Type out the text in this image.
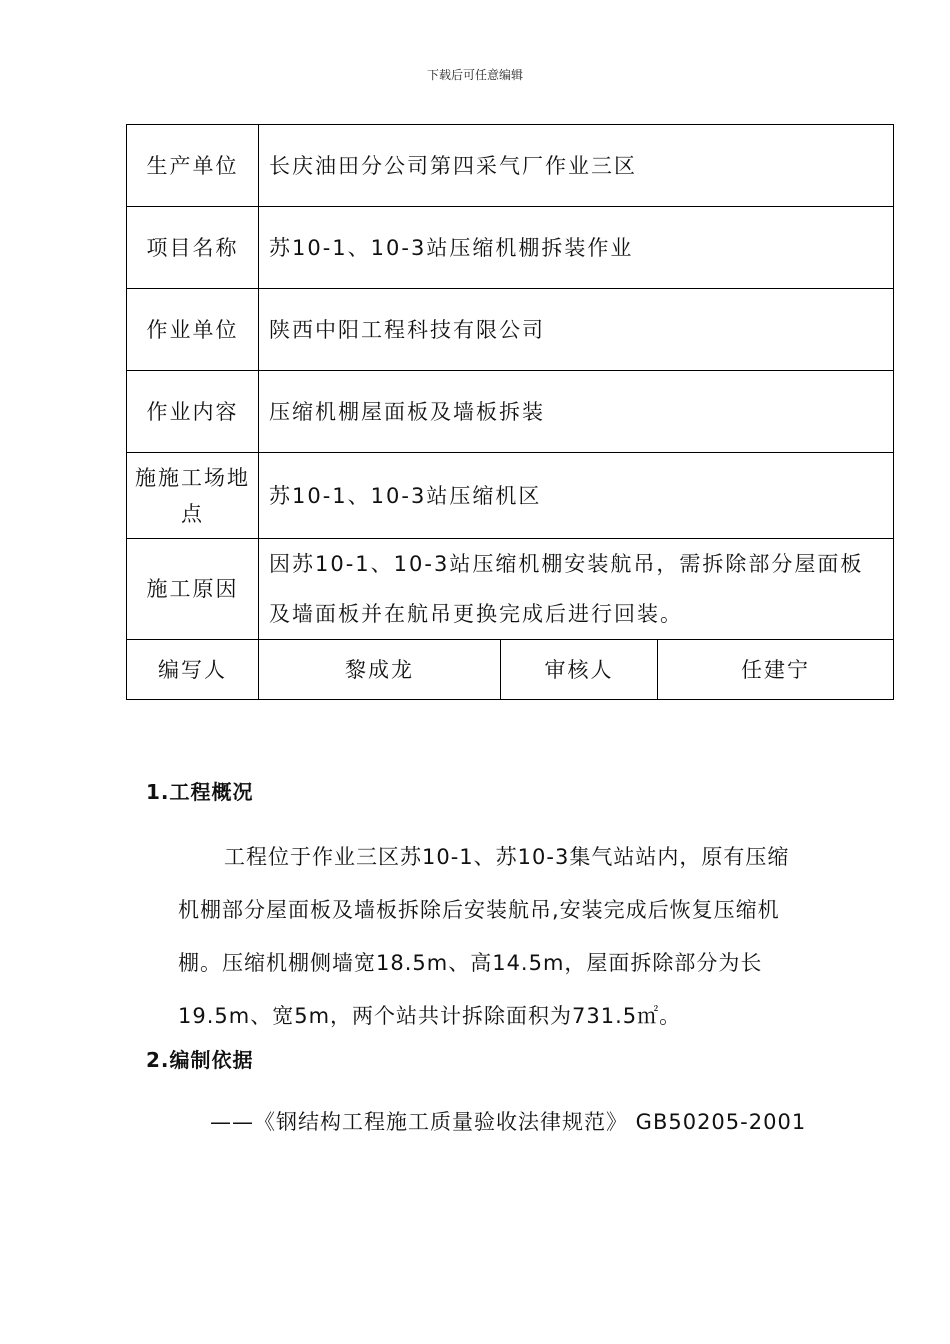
下载后可任意编辑
生产单位	长庆油田分公司第四采气厂作业三区		
项目名称	苏10-1、10-3站压缩机棚拆装作业		
作业单位	陕西中阳工程科技有限公司		
作业内容	压缩机棚屋面板及墙板拆装		
施施工场地点	苏10-1、10-3站压缩机区		
施工原因	因苏10-1、10-3站压缩机棚安装航吊，需拆除部分屋面板及墙面板并在航吊更换完成后进行回装。		
编写人	黎成龙	审核人	任建宁
1.工程概况
工程位于作业三区苏10-1、苏10-3集气站站内，原有压缩机棚部分屋面板及墙板拆除后安装航吊,安装完成后恢复压缩机棚。压缩机棚侧墙宽18.5m、高14.5m，屋面拆除部分为长19.5m、宽5m，两个站共计拆除面积为731.5㎡。
2.编制依据
——《钢结构工程施工质量验收法律规范》 GB50205-2001
